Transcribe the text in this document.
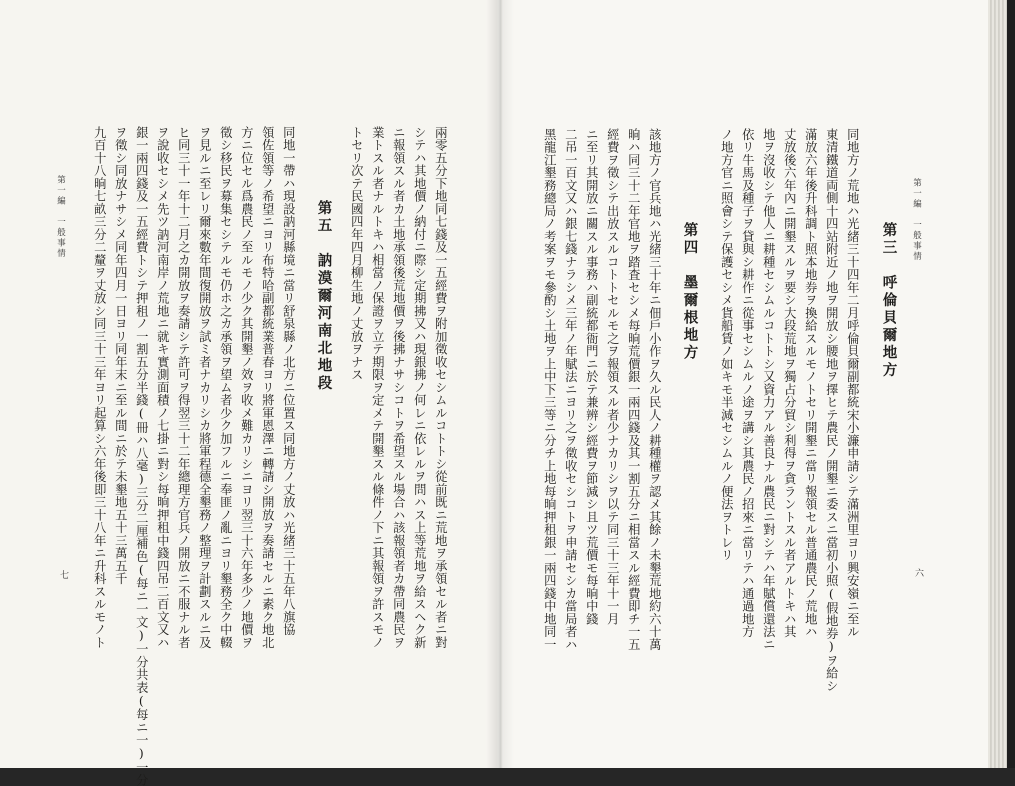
第一編　一般事情
七	兩零五分下地同七錢及一五經費ヲ附加徵收セシムルコトトシ從前既ニ荒地ヲ承領セル者ニ對
シテハ其地價ノ納付ニ際シ定期拂又ハ現銀拂ノ何レニ依レルヲ問ハス上等荒地ヲ給スヘク新
ニ報領スル者カ土地承領後荒地價ヲ後拂ナサシコトヲ希望スル場合ハ該報領者カ帶同農民ヲ
業トスル者ナルトキハ相當ノ保證ヲ立テ期限ヲ定メテ開墾スル條件ノ下ニ其報領ヲ許スモノ
トセリ次テ民國四年四月柳生地ノ丈放ヲナス
第五　訥漠爾河南北地段
同地一帶ハ現設訥河縣境ニ當リ舒泉縣ノ北方ニ位置ス同地方ノ丈放ハ光緒三十五年八旗協
領佐領等ノ希望ニヨリ布特哈副都統業普春ヨリ將軍恩澤ニ轉請シ開放ヲ奏請セルニ素ク地北
方ニ位セル爲農民ノ至ルモノ少ク其開墾ノ效ヲ收メ難カリシニヨリ翌三十六年多少ノ地價ヲ
徵シ移民ヲ募集セシテルモ仍ホ之カ承領ヲ望ム者少ク加フルニ奉匪ノ亂ニヨリ墾務全ク中輟
ヲ見ルニ至レリ爾來數年間復開放ヲ試ミ者ナカリシカ將軍程德全墾務ノ整理ヲ計劃スルニ及
ヒ同三十一年十二月之カ開放ヲ奏請シテ許可ヲ得翌三十二年總理方官兵ノ開放ニ不服ナル者
ヲ說收セシメ先ツ訥河南岸ノ荒地ニ就キ實測面積ノ七掛ニ對シ每晌押租中錢四吊二百文又ハ
銀一兩四錢及一五經費トシテ押租ノ一割五分半錢(冊ハ八毫)三分二厘補色(每ニ一文)一分共表(每ニ一)一分
ヲ徵シ同放ナサシメ同年四月一日ヨリ同年末ニ至ル間ニ於テ未墾地五十三萬五千
九百十八晌七畝三分二釐ヲ丈放シ同三十三年ヨリ起算シ六年後即三十八年ニ升科スルモノト	第一編　一般事情
六
第三　呼倫貝爾地方
同地方ノ荒地ハ光緒三十四年二月呼倫貝爾副都統宋小濂申請シテ滿洲里ヨリ興安嶺ニ至ル
東清鐵道両側十四站附近ノ地ヲ開放シ腰地ヲ擇ヒテ農民ノ開墾ニ委スニ當初小照(假地券)ヲ給シ
滿放六年後升科調ト照本地券ヲ換給スルモノトセリ開墾ニ當リ報領セル普通農民ノ荒地ハ
丈放後六年內ニ開墾スルヲ要シ大段荒地ヲ獨占分貿シ利得ヲ貪ラントスル者アルトキハ其
地ヲ沒收シテ他人ニ耕種セシムルコトトシ又資力アル善良ナル農民ニ對シテハ年賦償還法ニ
依リ牛馬及種子ヲ貸與シ耕作ニ從事セシムルノ途ヲ講シ其農民ノ招來ニ當リテハ通過地方
ノ地方官ニ照會シテ保護セシメ貨船賃ノ如キモ半減セシムルノ便法ヲトレリ
第四　墨爾根地方
該地方ノ官兵地ハ光緒三十年ニ佃戶小作ヲ久ル民人ノ耕種權ヲ認メ其餘ノ未墾荒地約六十萬
晌ハ同三十二年官地ヲ踏査セシメ每晌荒價銀一兩四錢及其一割五分ニ相當スル經費即チ一五
經費ヲ徵シテ出放スルコトトセルモ之ヲ報領スル者少ナカリシヲ以テ同三十三年十一月
ニ至リ其開放ニ關スル事務ハ副統都衙門ニ於テ兼辨シ經費ヲ節減シ且ツ荒價モ每晌中錢
二吊一百文又ハ銀七錢ナラシメ三年ノ年賦法ニヨリ之ヲ徵收セシコトヲ申請セシカ當局者ハ
黑龍江墾務總局ノ考案ヲモ參酌シ土地ヲ上中下三等ニ分チ上地每晌押租銀一兩四錢中地同一
